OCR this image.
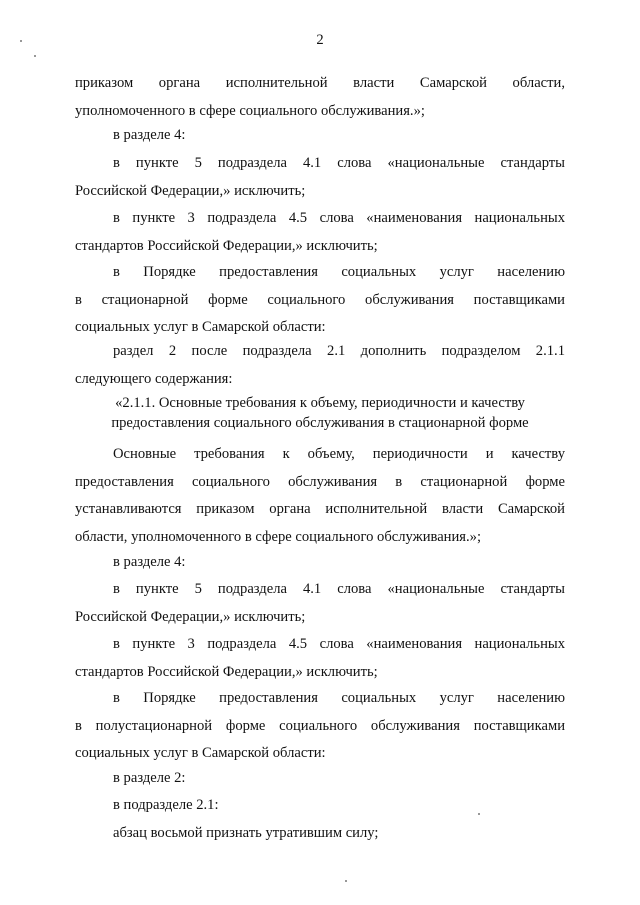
2
приказом органа исполнительной власти Самарской области,
уполномоченного в сфере социального обслуживания.»;
в разделе 4:
в пункте 5 подраздела 4.1 слова «национальные стандарты
Российской Федерации,» исключить;
в пункте 3 подраздела 4.5 слова «наименования национальных
стандартов Российской Федерации,» исключить;
в Порядке предоставления социальных услуг населению
в стационарной форме социального обслуживания поставщиками
социальных услуг в Самарской области:
раздел 2 после подраздела 2.1 дополнить подразделом 2.1.1
следующего содержания:
«2.1.1. Основные требования к объему, периодичности и качеству
предоставления социального обслуживания в стационарной форме
Основные требования к объему, периодичности и качеству
предоставления социального обслуживания в стационарной форме
устанавливаются приказом органа исполнительной власти Самарской
области, уполномоченного в сфере социального обслуживания.»;
в разделе 4:
в пункте 5 подраздела 4.1 слова «национальные стандарты
Российской Федерации,» исключить;
в пункте 3 подраздела 4.5 слова «наименования национальных
стандартов Российской Федерации,» исключить;
в Порядке предоставления социальных услуг населению
в полустационарной форме социального обслуживания поставщиками
социальных услуг в Самарской области:
в разделе 2:
в подразделе 2.1:
абзац восьмой признать утратившим силу;
